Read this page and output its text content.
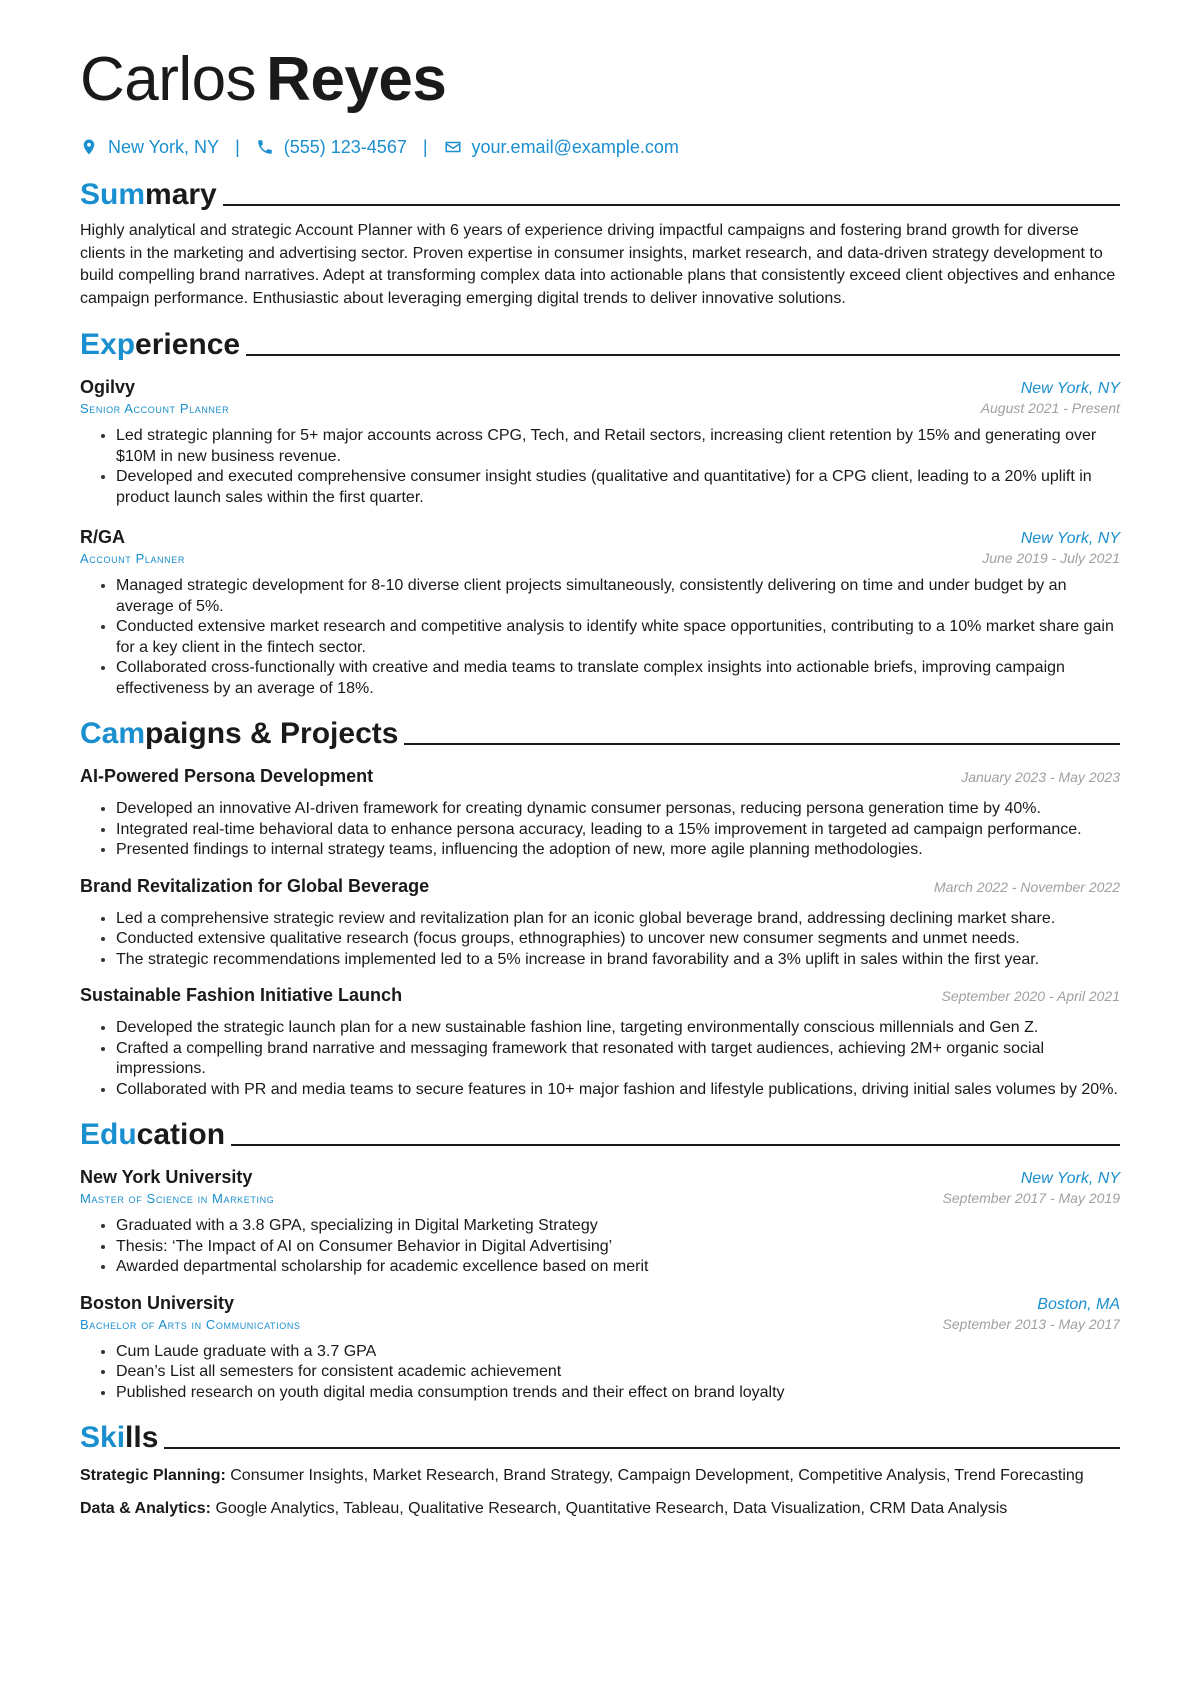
Carlos Reyes
New York, NY | (555) 123-4567 | your.email@example.com
Summary
Highly analytical and strategic Account Planner with 6 years of experience driving impactful campaigns and fostering brand growth for diverse clients in the marketing and advertising sector. Proven expertise in consumer insights, market research, and data-driven strategy development to build compelling brand narratives. Adept at transforming complex data into actionable plans that consistently exceed client objectives and enhance campaign performance. Enthusiastic about leveraging emerging digital trends to deliver innovative solutions.
Experience
Ogilvy	New York, NY
Senior Account Planner	August 2021 - Present
• Led strategic planning for 5+ major accounts across CPG, Tech, and Retail sectors, increasing client retention by 15% and generating over $10M in new business revenue.
• Developed and executed comprehensive consumer insight studies (qualitative and quantitative) for a CPG client, leading to a 20% uplift in product launch sales within the first quarter.
R/GA	New York, NY
Account Planner	June 2019 - July 2021
• Managed strategic development for 8-10 diverse client projects simultaneously, consistently delivering on time and under budget by an average of 5%.
• Conducted extensive market research and competitive analysis to identify white space opportunities, contributing to a 10% market share gain for a key client in the fintech sector.
• Collaborated cross-functionally with creative and media teams to translate complex insights into actionable briefs, improving campaign effectiveness by an average of 18%.
Campaigns & Projects
AI-Powered Persona Development	January 2023 - May 2023
• Developed an innovative AI-driven framework for creating dynamic consumer personas, reducing persona generation time by 40%.
• Integrated real-time behavioral data to enhance persona accuracy, leading to a 15% improvement in targeted ad campaign performance.
• Presented findings to internal strategy teams, influencing the adoption of new, more agile planning methodologies.
Brand Revitalization for Global Beverage	March 2022 - November 2022
• Led a comprehensive strategic review and revitalization plan for an iconic global beverage brand, addressing declining market share.
• Conducted extensive qualitative research (focus groups, ethnographies) to uncover new consumer segments and unmet needs.
• The strategic recommendations implemented led to a 5% increase in brand favorability and a 3% uplift in sales within the first year.
Sustainable Fashion Initiative Launch	September 2020 - April 2021
• Developed the strategic launch plan for a new sustainable fashion line, targeting environmentally conscious millennials and Gen Z.
• Crafted a compelling brand narrative and messaging framework that resonated with target audiences, achieving 2M+ organic social impressions.
• Collaborated with PR and media teams to secure features in 10+ major fashion and lifestyle publications, driving initial sales volumes by 20%.
Education
New York University	New York, NY
Master of Science in Marketing	September 2017 - May 2019
• Graduated with a 3.8 GPA, specializing in Digital Marketing Strategy
• Thesis: ‘The Impact of AI on Consumer Behavior in Digital Advertising’
• Awarded departmental scholarship for academic excellence based on merit
Boston University	Boston, MA
Bachelor of Arts in Communications	September 2013 - May 2017
• Cum Laude graduate with a 3.7 GPA
• Dean’s List all semesters for consistent academic achievement
• Published research on youth digital media consumption trends and their effect on brand loyalty
Skills

Strategic Planning: Consumer Insights, Market Research, Brand Strategy, Campaign Development, Competitive Analysis, Trend Forecasting

Data & Analytics: Google Analytics, Tableau, Qualitative Research, Quantitative Research, Data Visualization, CRM Data Analysis
